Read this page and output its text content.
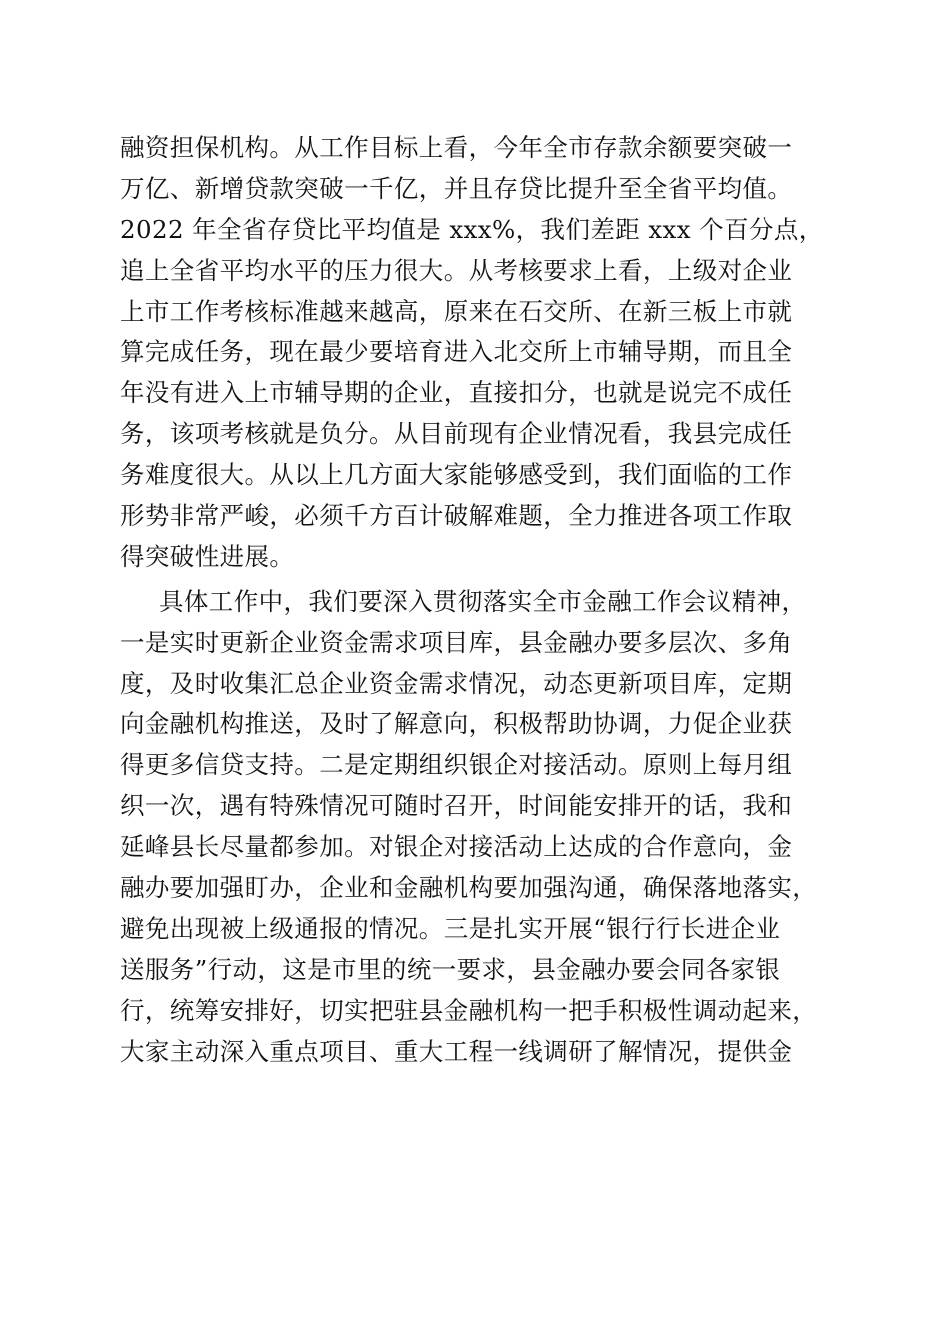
融资担保机构。从工作目标上看，今年全市存款余额要突破一
万亿、新增贷款突破一千亿，并且存贷比提升至全省平均值。
2022 年全省存贷比平均值是 xxx%，我们差距 xxx 个百分点，
追上全省平均水平的压力很大。从考核要求上看，上级对企业
上市工作考核标准越来越高，原来在石交所、在新三板上市就
算完成任务，现在最少要培育进入北交所上市辅导期，而且全
年没有进入上市辅导期的企业，直接扣分，也就是说完不成任
务，该项考核就是负分。从目前现有企业情况看，我县完成任
务难度很大。从以上几方面大家能够感受到，我们面临的工作
形势非常严峻，必须千方百计破解难题，全力推进各项工作取
得突破性进展。

具体工作中，我们要深入贯彻落实全市金融工作会议精神，
一是实时更新企业资金需求项目库，县金融办要多层次、多角
度，及时收集汇总企业资金需求情况，动态更新项目库，定期
向金融机构推送，及时了解意向，积极帮助协调，力促企业获
得更多信贷支持。二是定期组织银企对接活动。原则上每月组
织一次，遇有特殊情况可随时召开，时间能安排开的话，我和
延峰县长尽量都参加。对银企对接活动上达成的合作意向，金
融办要加强盯办，企业和金融机构要加强沟通，确保落地落实，
避免出现被上级通报的情况。三是扎实开展“银行行长进企业
送服务”行动，这是市里的统一要求，县金融办要会同各家银
行，统筹安排好，切实把驻县金融机构一把手积极性调动起来，
大家主动深入重点项目、重大工程一线调研了解情况，提供金
